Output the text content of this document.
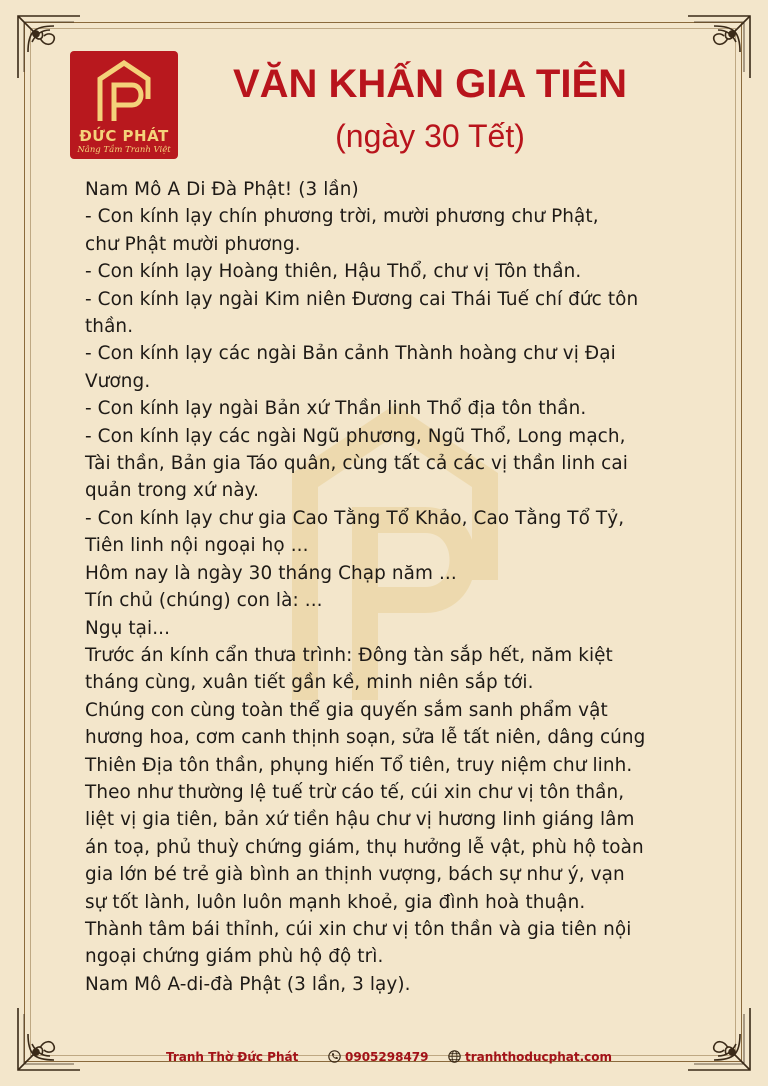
ĐỨC PHÁT
Nâng Tầm Tranh Việt
VĂN KHẤN GIA TIÊN
(ngày 30 Tết)
Nam Mô A Di Đà Phật! (3 lần)
- Con kính lạy chín phương trời, mười phương chư Phật,
chư Phật mười phương.
- Con kính lạy Hoàng thiên, Hậu Thổ, chư vị Tôn thần.
- Con kính lạy ngài Kim niên Đương cai Thái Tuế chí đức tôn
thần.
- Con kính lạy các ngài Bản cảnh Thành hoàng chư vị Đại
Vương.
- Con kính lạy ngài Bản xứ Thần linh Thổ địa tôn thần.
- Con kính lạy các ngài Ngũ phương, Ngũ Thổ, Long mạch,
Tài thần, Bản gia Táo quân, cùng tất cả các vị thần linh cai
quản trong xứ này.
- Con kính lạy chư gia Cao Tằng Tổ Khảo, Cao Tằng Tổ Tỷ,
Tiên linh nội ngoại họ ...
Hôm nay là ngày 30 tháng Chạp năm ...
Tín chủ (chúng) con là: ...
Ngụ tại...
Trước án kính cẩn thưa trình: Đông tàn sắp hết, năm kiệt
tháng cùng, xuân tiết gần kề, minh niên sắp tới.
Chúng con cùng toàn thể gia quyến sắm sanh phẩm vật
hương hoa, cơm canh thịnh soạn, sửa lễ tất niên, dâng cúng
Thiên Địa tôn thần, phụng hiến Tổ tiên, truy niệm chư linh.
Theo như thường lệ tuế trừ cáo tế, cúi xin chư vị tôn thần,
liệt vị gia tiên, bản xứ tiền hậu chư vị hương linh giáng lâm
án toạ, phủ thuỳ chứng giám, thụ hưởng lễ vật, phù hộ toàn
gia lớn bé trẻ già bình an thịnh vượng, bách sự như ý, vạn
sự tốt lành, luôn luôn mạnh khoẻ, gia đình hoà thuận.
Thành tâm bái thỉnh, cúi xin chư vị tôn thần và gia tiên nội
ngoại chứng giám phù hộ độ trì.
Nam Mô A-di-đà Phật (3 lần, 3 lạy).
Tranh Thờ Đức Phát	0905298479	tranhthoducphat.com
